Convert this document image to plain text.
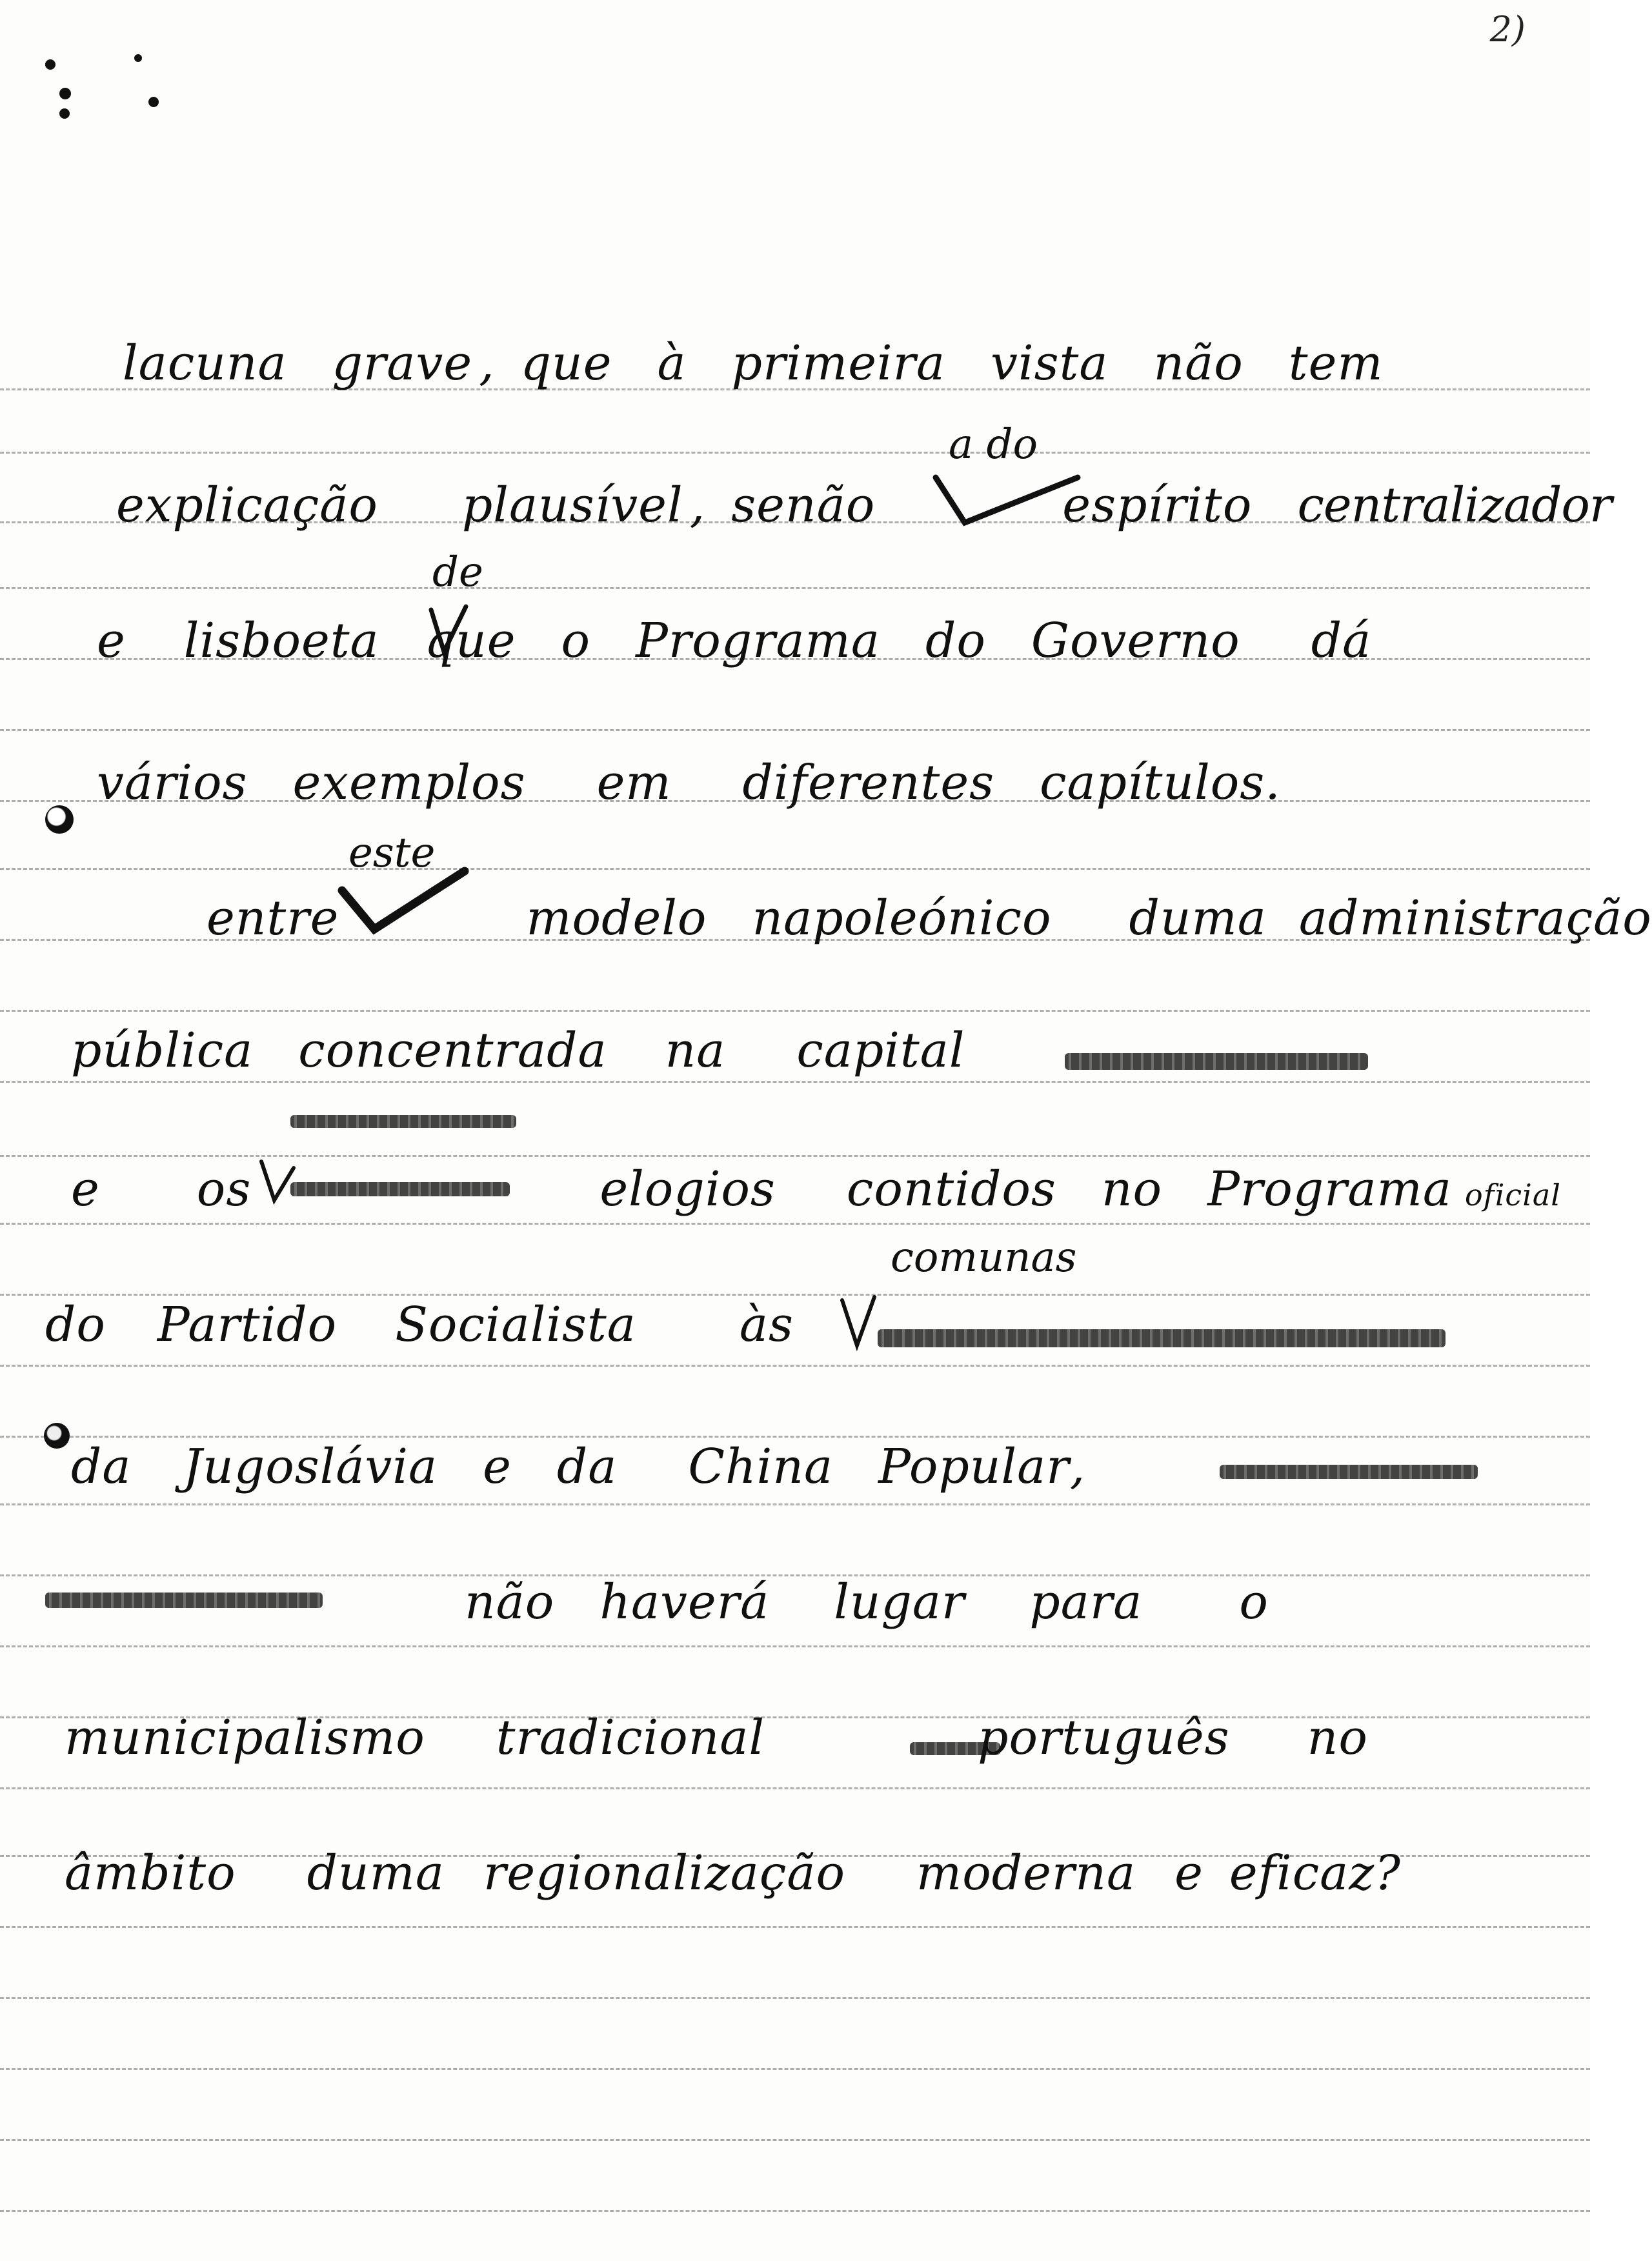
2)
lacuna grave , que à primeira vista não tem
a do
explicação plausível , senão	espírito centralizador
de
e lisboeta que o Programa do Governo dá
vários exemplos em diferentes capítulos.
este
entre	modelo napoleónico duma administração
pública concentrada na capital
e os	elogios contidos no Programa oficial
comunas
do Partido Socialista às
da Jugoslávia e da China Popular,
não haverá lugar para o
municipalismo tradicional	português no
âmbito duma regionalização moderna e eficaz?
